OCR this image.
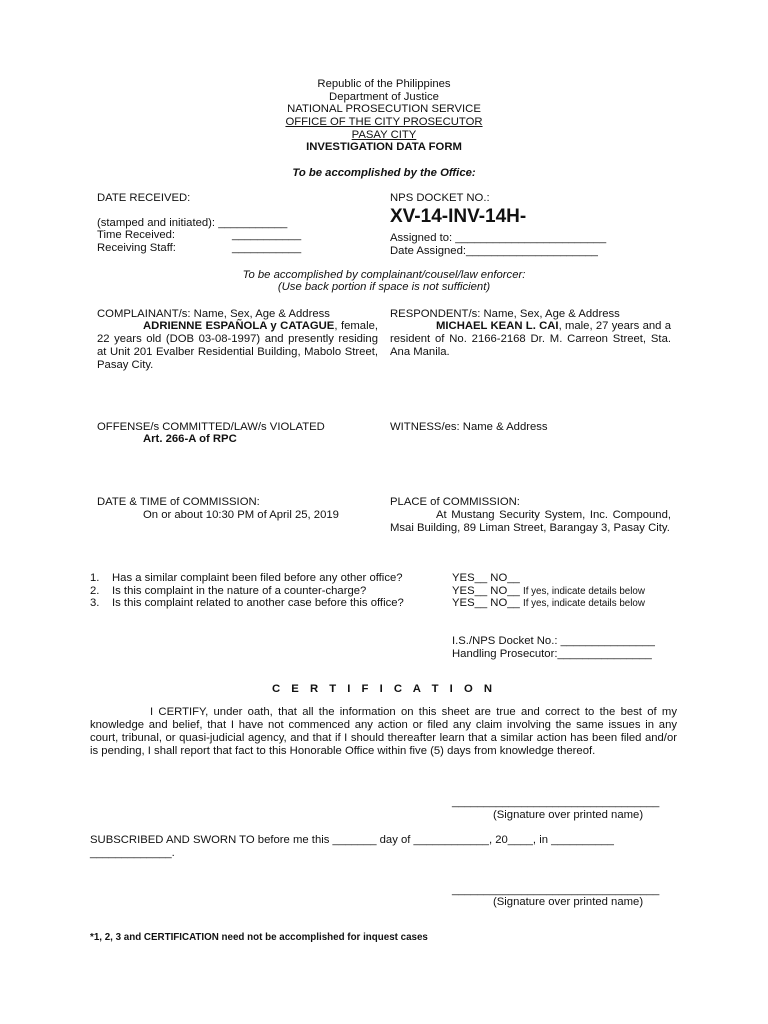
Republic of the Philippines
Department of Justice
NATIONAL PROSECUTION SERVICE
OFFICE OF THE CITY PROSECUTOR
PASAY CITY
INVESTIGATION DATA FORM
To be accomplished by the Office:
DATE RECEIVED:
(stamped and initiated): ___________
Time Received:	___________
Receiving Staff:	___________
NPS DOCKET NO.:
XV-14-INV-14H-
Assigned to: ________________________
Date Assigned:_____________________
To be accomplished by complainant/cousel/law enforcer:
(Use back portion if space is not sufficient)
COMPLAINANT/s: Name, Sex, Age & Address
ADRIENNE ESPAÑOLA y CATAGUE, female, 22 years old (DOB 03-08-1997) and presently residing at Unit 201 Evalber Residential Building, Mabolo Street, Pasay City.
RESPONDENT/s: Name, Sex, Age & Address
MICHAEL KEAN L. CAI, male, 27 years and a resident of No. 2166-2168 Dr. M. Carreon Street, Sta. Ana Manila.
OFFENSE/s COMMITTED/LAW/s VIOLATED
Art. 266-A of RPC
WITNESS/es: Name & Address
DATE & TIME of COMMISSION:
On or about 10:30 PM of April 25, 2019
PLACE of COMMISSION:
At Mustang Security System, Inc. Compound, Msai Building, 89 Liman Street, Barangay 3, Pasay City.
1. Has a similar complaint been filed before any other office?	YES__ NO__
2. Is this complaint in the nature of a counter-charge?	YES__ NO__ If yes, indicate details below
3. Is this complaint related to another case before this office?	YES__ NO__ If yes, indicate details below
I.S./NPS Docket No.: _______________
Handling Prosecutor:_______________
C E R T I F I C A T I O N
I CERTIFY, under oath, that all the information on this sheet are true and correct to the best of my knowledge and belief, that I have not commenced any action or filed any claim involving the same issues in any court, tribunal, or quasi-judicial agency, and that if I should thereafter learn that a similar action has been filed and/or is pending, I shall report that fact to this Honorable Office within five (5) days from knowledge thereof.
_________________________________
(Signature over printed name)
SUBSCRIBED AND SWORN TO before me this _______ day of ____________, 20____, in __________
_____________.
_________________________________
(Signature over printed name)
*1, 2, 3 and CERTIFICATION need not be accomplished for inquest cases
